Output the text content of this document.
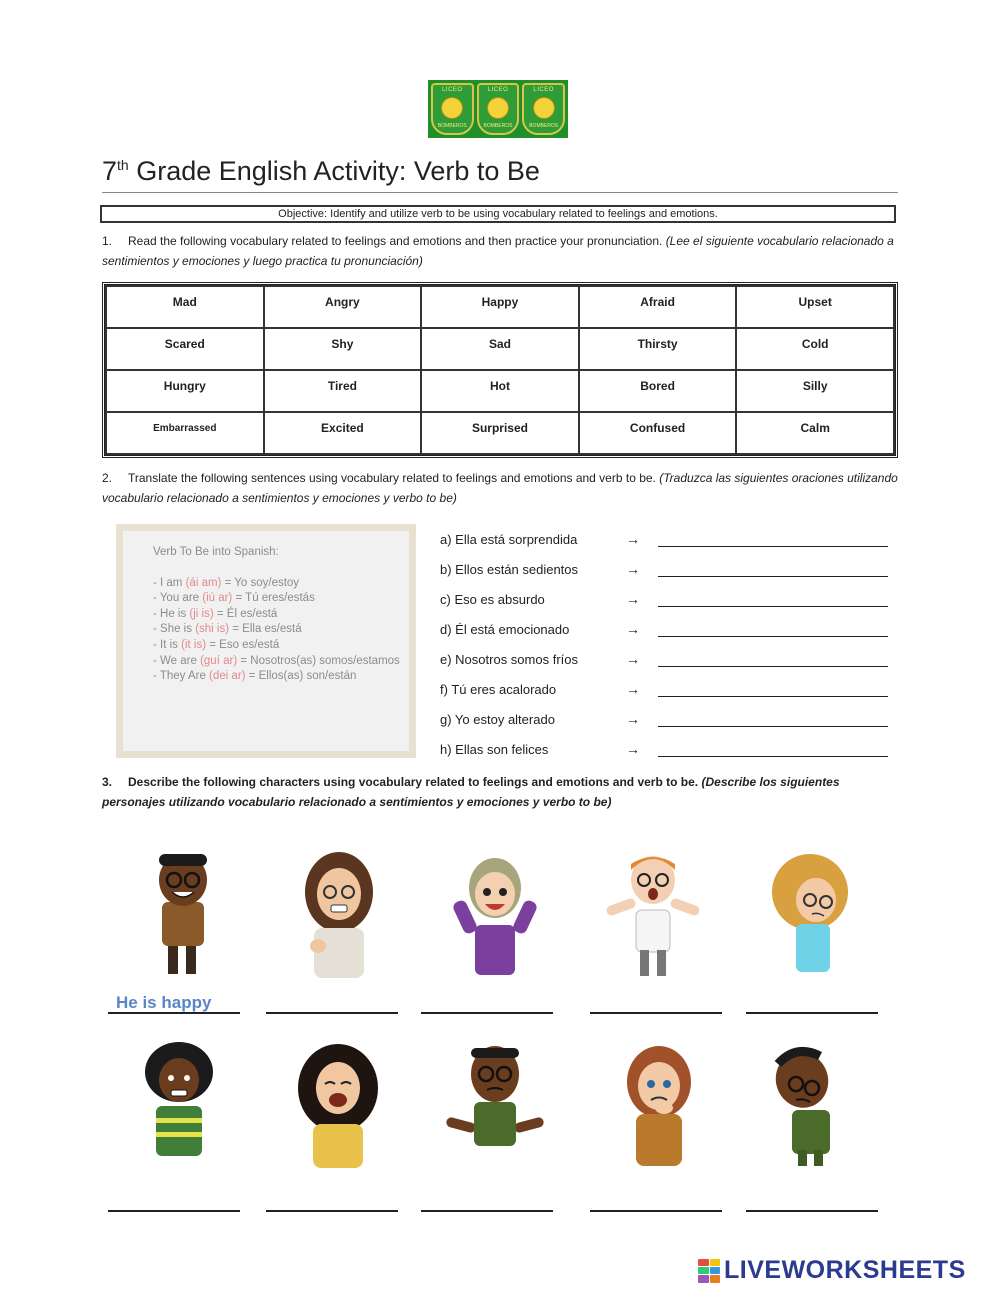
LICEO
BOMBEROS
LICEO
BOMBEROS
LICEO
BOMBEROS
7th Grade English Activity: Verb to Be
Objective: Identify and utilize verb to be using vocabulary related to feelings and emotions.
1. Read the following vocabulary related to feelings and emotions and then practice your pronunciation. (Lee el siguiente vocabulario relacionado a sentimientos y emociones y luego practica tu pronunciación)
Mad	Angry	Happy	Afraid	Upset
Scared	Shy	Sad	Thirsty	Cold
Hungry	Tired	Hot	Bored	Silly
Embarrassed	Excited	Surprised	Confused	Calm
2. Translate the following sentences using vocabulary related to feelings and emotions and verb to be. (Traduzca las siguientes oraciones utilizando vocabulario relacionado a sentimientos y emociones y verbo to be)
Verb To Be into Spanish:
- I am (ái am) = Yo soy/estoy
- You are (iú ar) = Tú eres/estás
- He is (ji is) = Él es/está
- She is (shi is) = Ella es/está
- It is (it is) = Eso es/está
- We are (guí ar) = Nosotros(as) somos/estamos
- They Are (dei ar) = Ellos(as) son/están
a) Ella está sorprendida	→
b) Ellos están sedientos	→
c) Eso es absurdo	→
d) Él está emocionado	→
e) Nosotros somos fríos	→
f) Tú eres acalorado	→
g) Yo estoy alterado	→
h) Ellas son felices	→
3. Describe the following characters using vocabulary related to feelings and emotions and verb to be. (Describe los siguientes personajes utilizando vocabulario relacionado a sentimientos y emociones y verbo to be)
He is happy
LIVEWORKSHEETS
